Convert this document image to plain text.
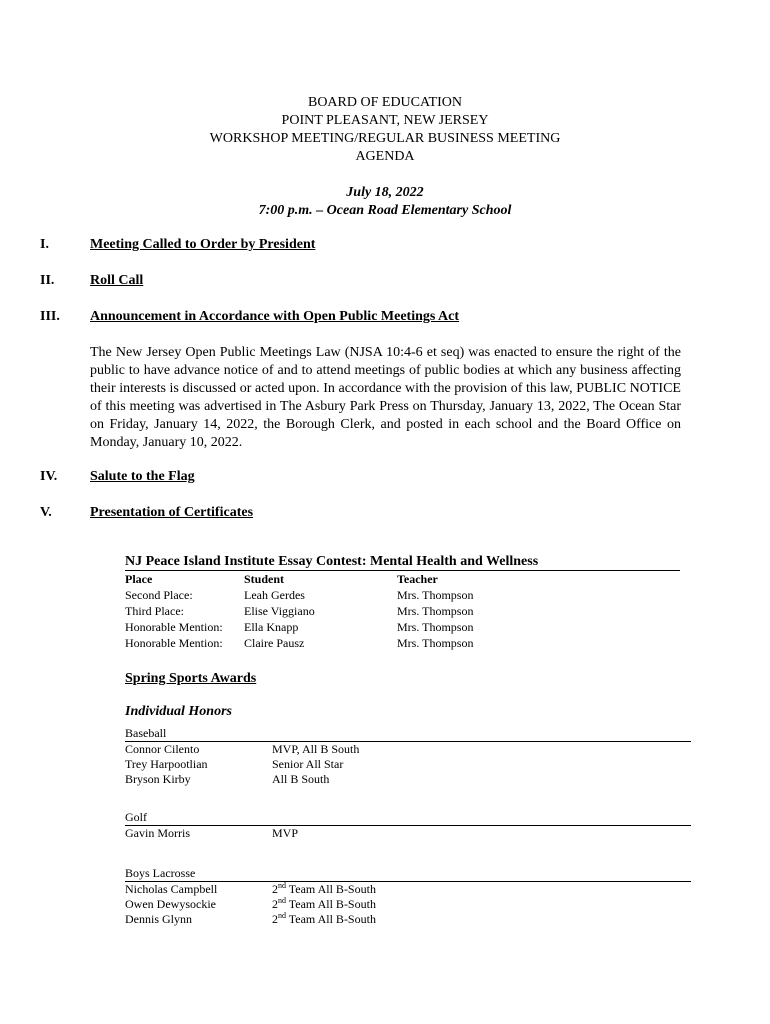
BOARD OF EDUCATION
POINT PLEASANT, NEW JERSEY
WORKSHOP MEETING/REGULAR BUSINESS MEETING
AGENDA
July 18, 2022
7:00 p.m. – Ocean Road Elementary School
I.	Meeting Called to Order by President
II.	Roll Call
III. Announcement in Accordance with Open Public Meetings Act
The New Jersey Open Public Meetings Law (NJSA 10:4-6 et seq) was enacted to ensure the right of the public to have advance notice of and to attend meetings of public bodies at which any business affecting their interests is discussed or acted upon. In accordance with the provision of this law, PUBLIC NOTICE of this meeting was advertised in The Asbury Park Press on Thursday, January 13, 2022, The Ocean Star on Friday, January 14, 2022, the Borough Clerk, and posted in each school and the Board Office on Monday, January 10, 2022.
IV. Salute to the Flag
V.	Presentation of Certificates
NJ Peace Island Institute Essay Contest: Mental Health and Wellness
Place	Student	Teacher
Second Place:	Leah Gerdes	Mrs. Thompson
Third Place:	Elise Viggiano	Mrs. Thompson
Honorable Mention:	Ella Knapp	Mrs. Thompson
Honorable Mention:	Claire Pausz	Mrs. Thompson
Spring Sports Awards
Individual Honors
Baseball
Connor Cilento	MVP, All B South
Trey Harpootlian	Senior All Star
Bryson Kirby	All B South
Golf
Gavin Morris	MVP
Boys Lacrosse
Nicholas Campbell	2nd Team All B-South
Owen Dewysockie	2nd Team All B-South
Dennis Glynn	2nd Team All B-South
